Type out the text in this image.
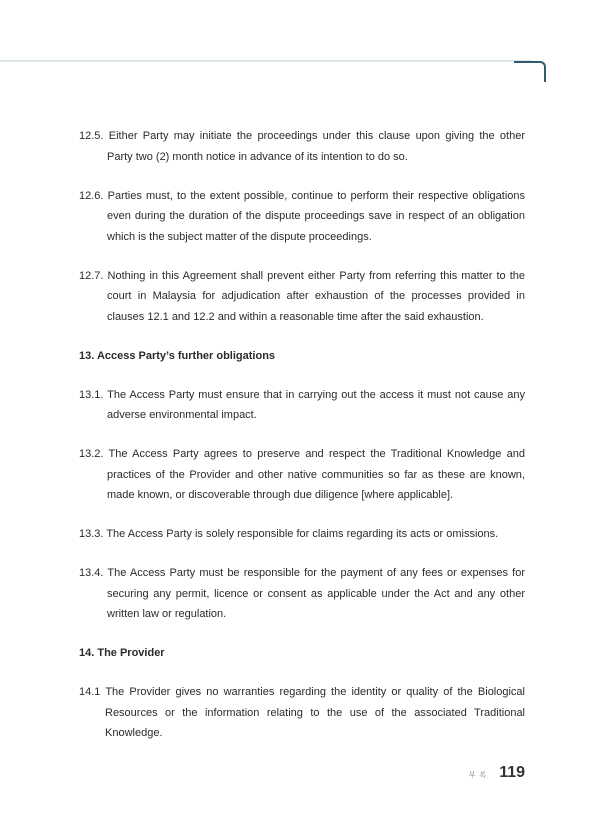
12.5. Either Party may initiate the proceedings under this clause upon giving the other
Party two (2) month notice in advance of its intention to do so.
12.6. Parties must, to the extent possible, continue to perform their respective obligations
even during the duration of the dispute proceedings save in respect of an obligation
which is the subject matter of the dispute proceedings.
12.7. Nothing in this Agreement shall prevent either Party from referring this matter to the
court in Malaysia for adjudication after exhaustion of the processes provided in
clauses 12.1 and 12.2 and within a reasonable time after the said exhaustion.
13. Access Party’s further obligations
13.1. The Access Party must ensure that in carrying out the access it must not cause any
adverse environmental impact.
13.2. The Access Party agrees to preserve and respect the Traditional Knowledge and
practices of the Provider and other native communities so far as these are known,
made known, or discoverable through due diligence [where applicable].
13.3. The Access Party is solely responsible for claims regarding its acts or omissions.
13.4. The Access Party must be responsible for the payment of any fees or expenses for
securing any permit, licence or consent as applicable under the Act and any other
written law or regulation.
14. The Provider
14.1 The Provider gives no warranties regarding the identity or quality of the Biological
Resources or the information relating to the use of the associated Traditional
Knowledge.
부 록 119
